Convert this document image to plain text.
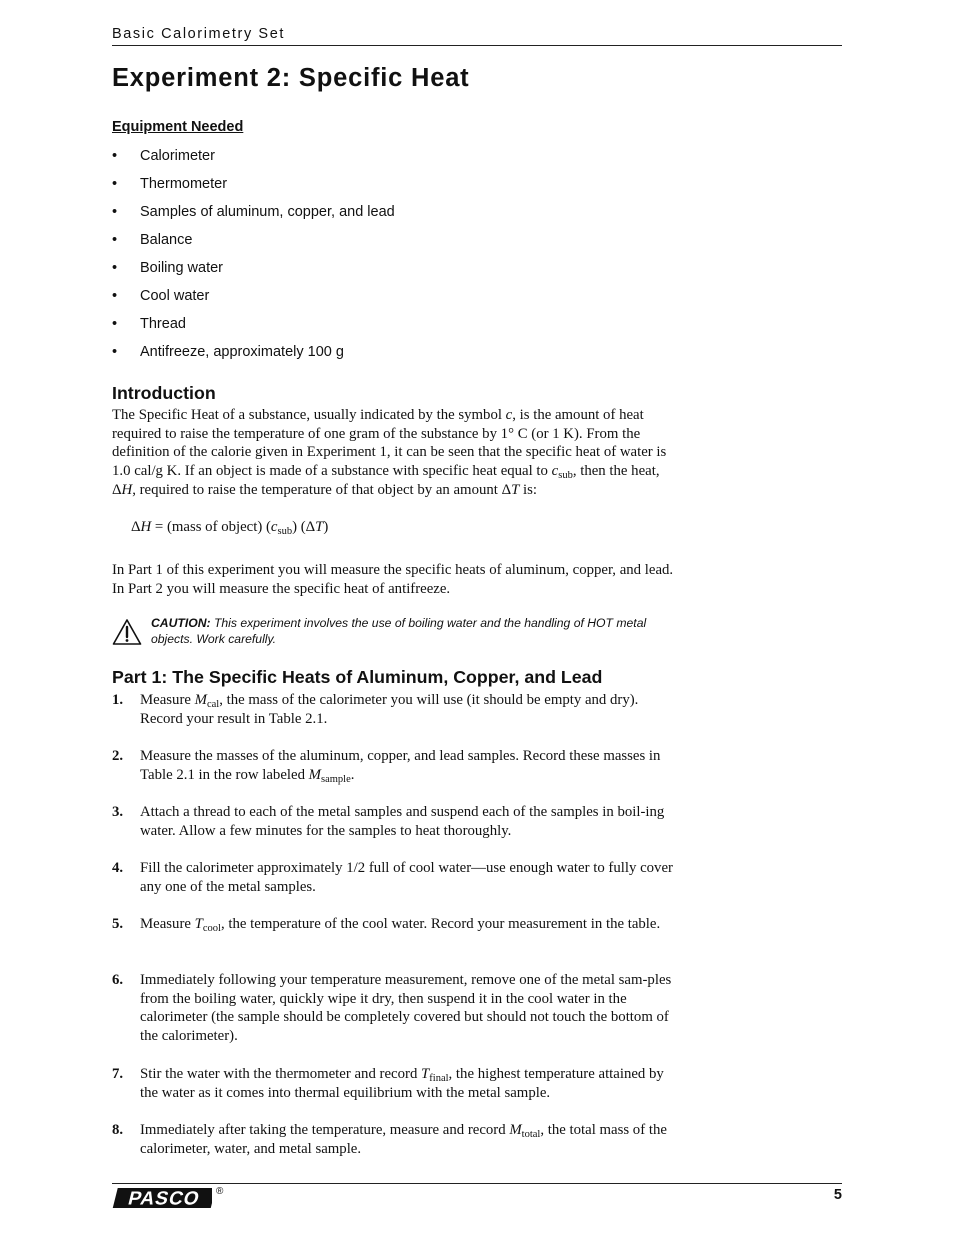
Basic Calorimetry Set
Experiment 2: Specific Heat
Equipment Needed
• Calorimeter
• Thermometer
• Samples of aluminum, copper, and lead
• Balance
• Boiling water
• Cool water
• Thread
• Antifreeze, approximately 100 g
Introduction

The Specific Heat of a substance, usually indicated by the symbol c, is the amount of heat required to raise the temperature of one gram of the substance by 1° C (or 1 K). From the definition of the calorie given in Experiment 1, it can be seen that the specific heat of water is 1.0 cal/g K. If an object is made of a substance with specific heat equal to $c_{sub}$, then the heat, ΔH, required to raise the temperature of that object by an amount ΔT is:

ΔH = (mass of object) $(c_{sub})$ (ΔT)

In Part 1 of this experiment you will measure the specific heats of aluminum, copper, and lead. In Part 2 you will measure the specific heat of antifreeze.

CAUTION: This experiment involves the use of boiling water and the handling of HOT metal objects. Work carefully.
Part 1: The Specific Heats of Aluminum, Copper, and Lead
1. Measure $M_{cal}$, the mass of the calorimeter you will use (it should be empty and dry). Record your result in Table 2.1.
2. Measure the masses of the aluminum, copper, and lead samples. Record these masses in Table 2.1 in the row labeled $M_{sample}$.
3. Attach a thread to each of the metal samples and suspend each of the samples in boil-ing water. Allow a few minutes for the samples to heat thoroughly.
4. Fill the calorimeter approximately 1/2 full of cool water—use enough water to fully cover any one of the metal samples.
5. Measure $T_{cool}$, the temperature of the cool water. Record your measurement in the table.
6. Immediately following your temperature measurement, remove one of the metal sam-ples from the boiling water, quickly wipe it dry, then suspend it in the cool water in the calorimeter (the sample should be completely covered but should not touch the bottom of the calorimeter).
7. Stir the water with the thermometer and record $T_{final}$, the highest temperature attained by the water as it comes into thermal equilibrium with the metal sample.
8. Immediately after taking the temperature, measure and record $M_{total}$, the total mass of the calorimeter, water, and metal sample.
PASCO ®	5
